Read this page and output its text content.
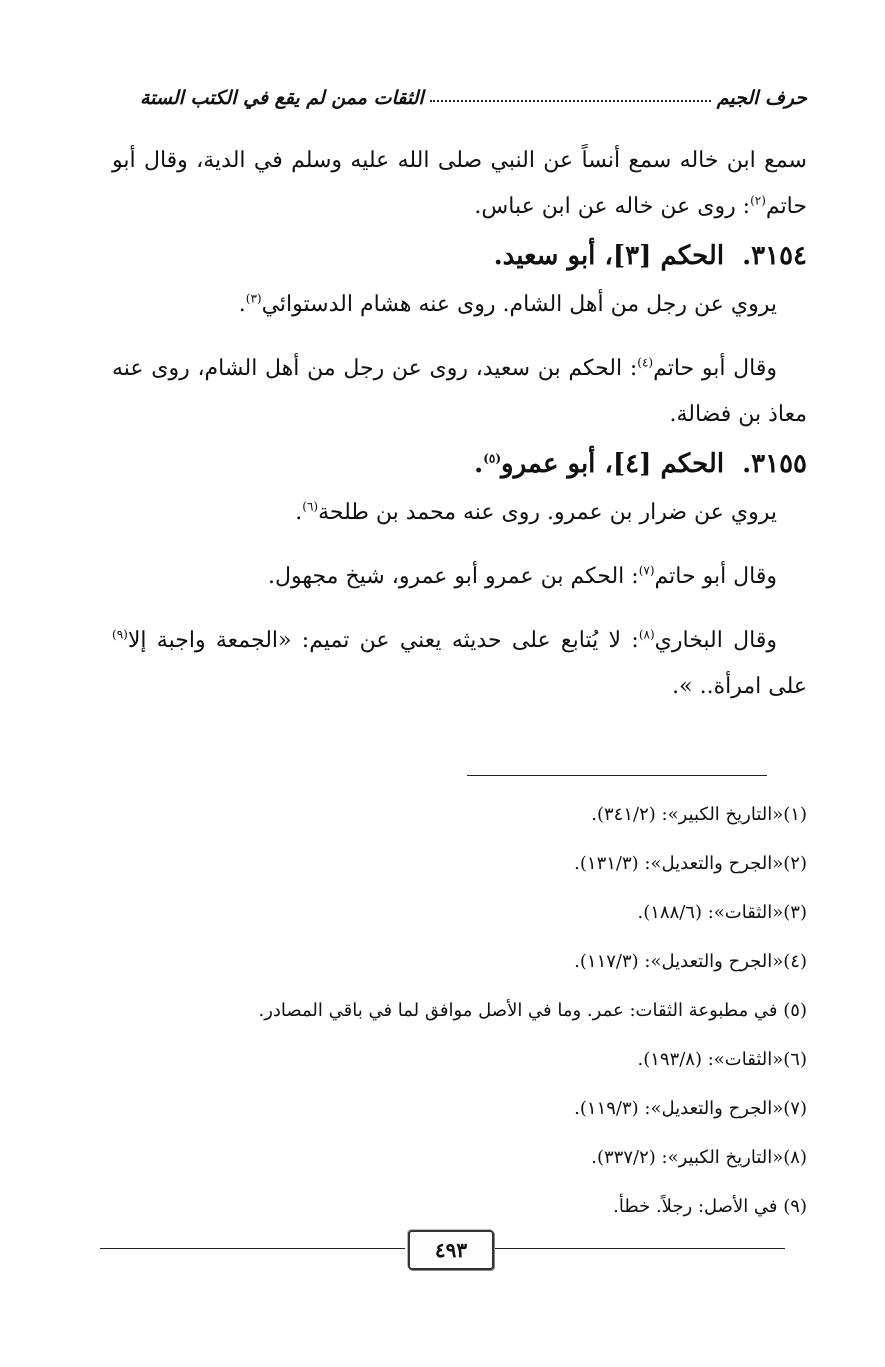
حرف الجيم
الثقات ممن لم يقع في الكتب الستة

سمع ابن خاله سمع أنساً عن النبي صلى الله عليه وسلم في الدية، وقال أبو حاتم$^{(٢)}$: روى عن خاله عن ابن عباس.

٣١٥٤.الحكم [٣]، أبو سعيد.

يروي عن رجل من أهل الشام. روى عنه هشام الدستوائي$^{(٣)}$.

وقال أبو حاتم$^{(٤)}$: الحكم بن سعيد، روى عن رجل من أهل الشام، روى عنه معاذ بن فضالة.

٣١٥٥.الحكم [٤]، أبو عمرو$^{(٥)}$.

يروي عن ضرار بن عمرو. روى عنه محمد بن طلحة$^{(٦)}$.

وقال أبو حاتم$^{(٧)}$: الحكم بن عمرو أبو عمرو، شيخ مجهول.

وقال البخاري$^{(٨)}$: لا يُتابع على حديثه يعني عن تميم: «الجمعة واجبة إلا$^{(٩)}$ على امرأة.. ».

(١)«التاريخ الكبير»: (٣٤١/٢).
(٢)«الجرح والتعديل»: (١٣١/٣).
(٣)«الثقات»: (١٨٨/٦).
(٤)«الجرح والتعديل»: (١١٧/٣).
(٥) في مطبوعة الثقات: عمر. وما في الأصل موافق لما في باقي المصادر.
(٦)«الثقات»: (١٩٣/٨).
(٧)«الجرح والتعديل»: (١١٩/٣).
(٨)«التاريخ الكبير»: (٣٣٧/٢).
(٩) في الأصل: رجلاً. خطأ.
٤٩٣
